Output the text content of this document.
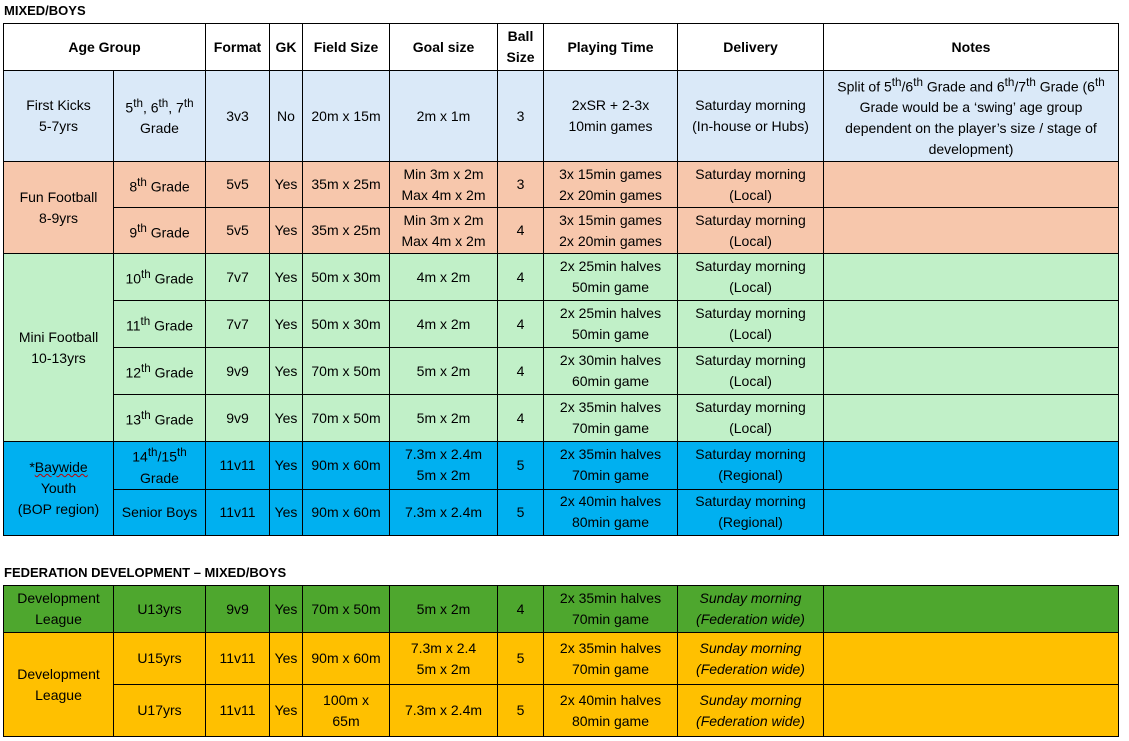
MIXED/BOYS
Age Group		Format	GK	Field Size	Goal size	Ball
Size	Playing Time	Delivery	Notes
First Kicks
5-7yrs	5th, 6th, 7th
Grade	3v3	No	20m x 15m	2m x 1m	3	2xSR + 2-3x
10min games	Saturday morning
(In-house or Hubs)	Split of 5th/6th Grade and 6th/7th Grade (6th Grade would be a ‘swing’ age group dependent on the player’s size / stage of development)
Fun Football
8-9yrs	8th Grade	5v5	Yes	35m x 25m	Min 3m x 2m
Max 4m x 2m	3	3x 15min games
2x 20min games	Saturday morning
(Local)	
	9th Grade	5v5	Yes	35m x 25m	Min 3m x 2m
Max 4m x 2m	4	3x 15min games
2x 20min games	Saturday morning
(Local)	
Mini Football
10-13yrs	10th Grade	7v7	Yes	50m x 30m	4m x 2m	4	2x 25min halves
50min game	Saturday morning
(Local)	
	11th Grade	7v7	Yes	50m x 30m	4m x 2m	4	2x 25min halves
50min game	Saturday morning
(Local)	
	12th Grade	9v9	Yes	70m x 50m	5m x 2m	4	2x 30min halves
60min game	Saturday morning
(Local)	
	13th Grade	9v9	Yes	70m x 50m	5m x 2m	4	2x 35min halves
70min game	Saturday morning
(Local)	
*Baywide
Youth
(BOP region)	14th/15th
Grade	11v11	Yes	90m x 60m	7.3m x 2.4m
5m x 2m	5	2x 35min halves
70min game	Saturday morning
(Regional)	
	Senior Boys	11v11	Yes	90m x 60m	7.3m x 2.4m	5	2x 40min halves
80min game	Saturday morning
(Regional)	
FEDERATION DEVELOPMENT – MIXED/BOYS
Development
League	U13yrs	9v9	Yes	70m x 50m	5m x 2m	4	2x 35min halves
70min game	Sunday morning
(Federation wide)	
Development
League	U15yrs	11v11	Yes	90m x 60m	7.3m x 2.4
5m x 2m	5	2x 35min halves
70min game	Sunday morning
(Federation wide)	
	U17yrs	11v11	Yes	100m x
65m	7.3m x 2.4m	5	2x 40min halves
80min game	Sunday morning
(Federation wide)	
